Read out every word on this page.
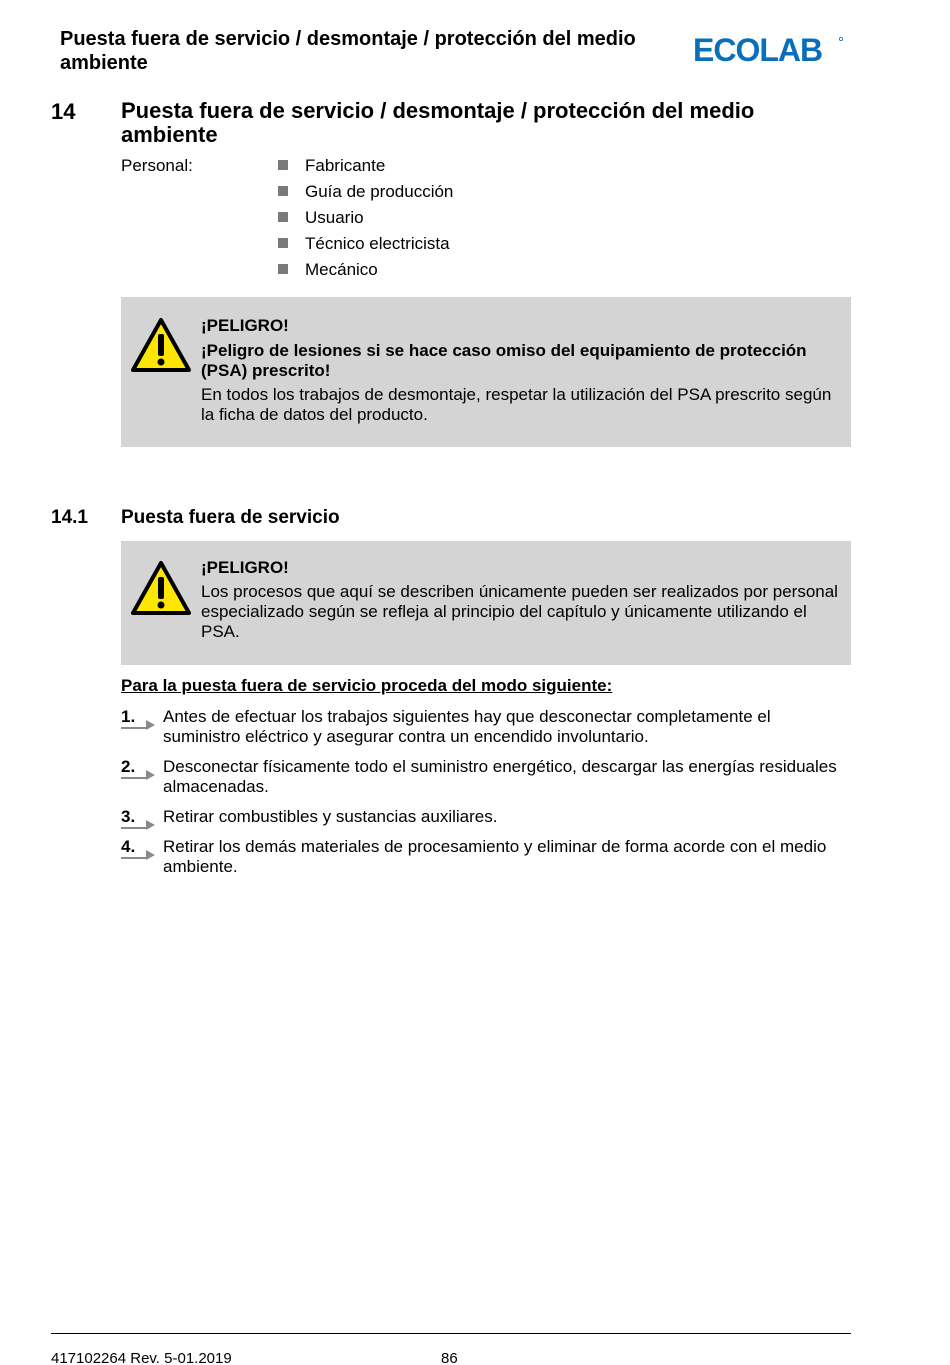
Puesta fuera de servicio / desmontaje / protección del medio ambiente	ECOLAB
14 Puesta fuera de servicio / desmontaje / protección del medio ambiente
Personal:	Fabricante
Guía de producción
Usuario
Técnico electricista
Mecánico

¡PELIGRO!

¡Peligro de lesiones si se hace caso omiso del equipamiento de protección (PSA) prescrito!

En todos los trabajos de desmontaje, respetar la utilización del PSA prescrito según la ficha de datos del producto.

14.1 Puesta fuera de servicio

¡PELIGRO!

Los procesos que aquí se describen únicamente pueden ser realizados por personal especializado según se refleja al principio del capítulo y únicamente utilizando el PSA.

Para la puesta fuera de servicio proceda del modo siguiente:
1.	Antes de efectuar los trabajos siguientes hay que desconectar completamente el suministro eléctrico y asegurar contra un encendido involuntario.
2.	Desconectar físicamente todo el suministro energético, descargar las energías residuales almacenadas.
3.	Retirar combustibles y sustancias auxiliares.
4.	Retirar los demás materiales de procesamiento y eliminar de forma acorde con el medio ambiente.
417102264 Rev. 5-01.2019	86
